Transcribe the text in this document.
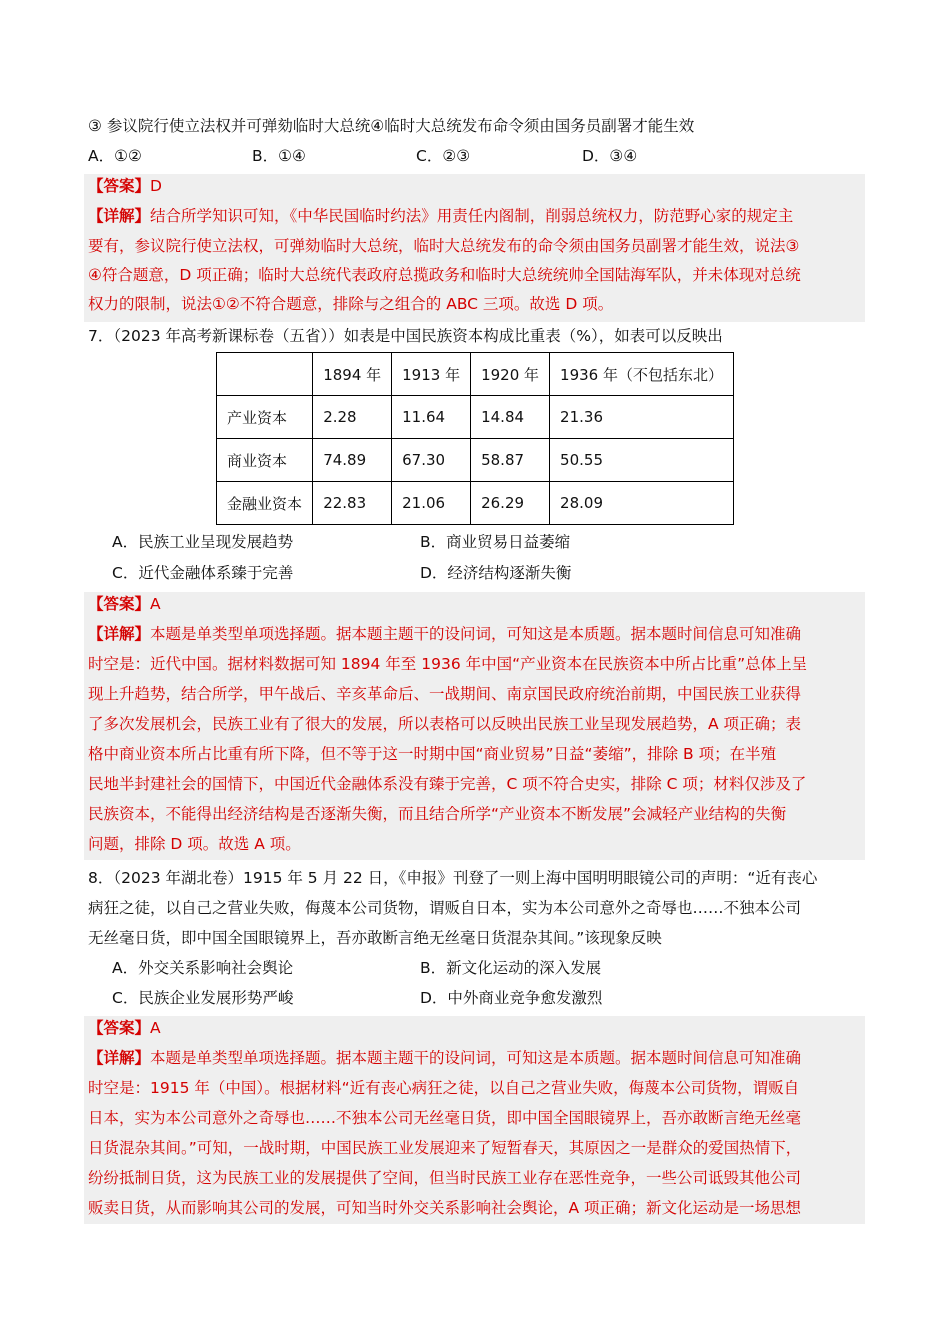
③ 参议院行使立法权并可弹劾临时大总统④临时大总统发布命令须由国务员副署才能生效
A．①②	B．①④	C．②③	D．③④
【答案】D
【详解】结合所学知识可知，《中华民国临时约法》用责任内阁制，削弱总统权力，防范野心家的规定主
要有，参议院行使立法权，可弹劾临时大总统，临时大总统发布的命令须由国务员副署才能生效，说法③
④符合题意，D 项正确；临时大总统代表政府总揽政务和临时大总统统帅全国陆海军队，并未体现对总统
权力的限制，说法①②不符合题意，排除与之组合的 ABC 三项。故选 D 项。
7．（2023 年高考新课标卷（五省））如表是中国民族资本构成比重表（%），如表可以反映出
	1894 年	1913 年	1920 年	1936 年（不包括东北）
产业资本	2.28	11.64	14.84	21.36
商业资本	74.89	67.30	58.87	50.55
金融业资本	22.83	21.06	26.29	28.09
A．民族工业呈现发展趋势	B．商业贸易日益萎缩
C．近代金融体系臻于完善	D．经济结构逐渐失衡
【答案】A
【详解】本题是单类型单项选择题。据本题主题干的设问词，可知这是本质题。据本题时间信息可知准确
时空是：近代中国。据材料数据可知 1894 年至 1936 年中国“产业资本在民族资本中所占比重”总体上呈
现上升趋势，结合所学，甲午战后、辛亥革命后、一战期间、南京国民政府统治前期，中国民族工业获得
了多次发展机会，民族工业有了很大的发展，所以表格可以反映出民族工业呈现发展趋势，A 项正确；表
格中商业资本所占比重有所下降，但不等于这一时期中国“商业贸易”日益“萎缩”，排除 B 项；在半殖
民地半封建社会的国情下，中国近代金融体系没有臻于完善，C 项不符合史实，排除 C 项；材料仅涉及了
民族资本，不能得出经济结构是否逐渐失衡，而且结合所学“产业资本不断发展”会减轻产业结构的失衡
问题，排除 D 项。故选 A 项。
8．（2023 年湖北卷）1915 年 5 月 22 日，《申报》刊登了一则上海中国明明眼镜公司的声明：“近有丧心
病狂之徒，以自己之营业失败，侮蔑本公司货物，谓贩自日本，实为本公司意外之奇辱也……不独本公司
无丝毫日货，即中国全国眼镜界上，吾亦敢断言绝无丝毫日货混杂其间。”该现象反映
A．外交关系影响社会舆论	B．新文化运动的深入发展
C．民族企业发展形势严峻	D．中外商业竞争愈发激烈
【答案】A
【详解】本题是单类型单项选择题。据本题主题干的设问词，可知这是本质题。据本题时间信息可知准确
时空是：1915 年（中国）。根据材料“近有丧心病狂之徒，以自己之营业失败，侮蔑本公司货物，谓贩自
日本，实为本公司意外之奇辱也……不独本公司无丝毫日货，即中国全国眼镜界上，吾亦敢断言绝无丝毫
日货混杂其间。”可知，一战时期，中国民族工业发展迎来了短暂春天，其原因之一是群众的爱国热情下，
纷纷抵制日货，这为民族工业的发展提供了空间，但当时民族工业存在恶性竞争，一些公司诋毁其他公司
贩卖日货，从而影响其公司的发展，可知当时外交关系影响社会舆论，A 项正确；新文化运动是一场思想
